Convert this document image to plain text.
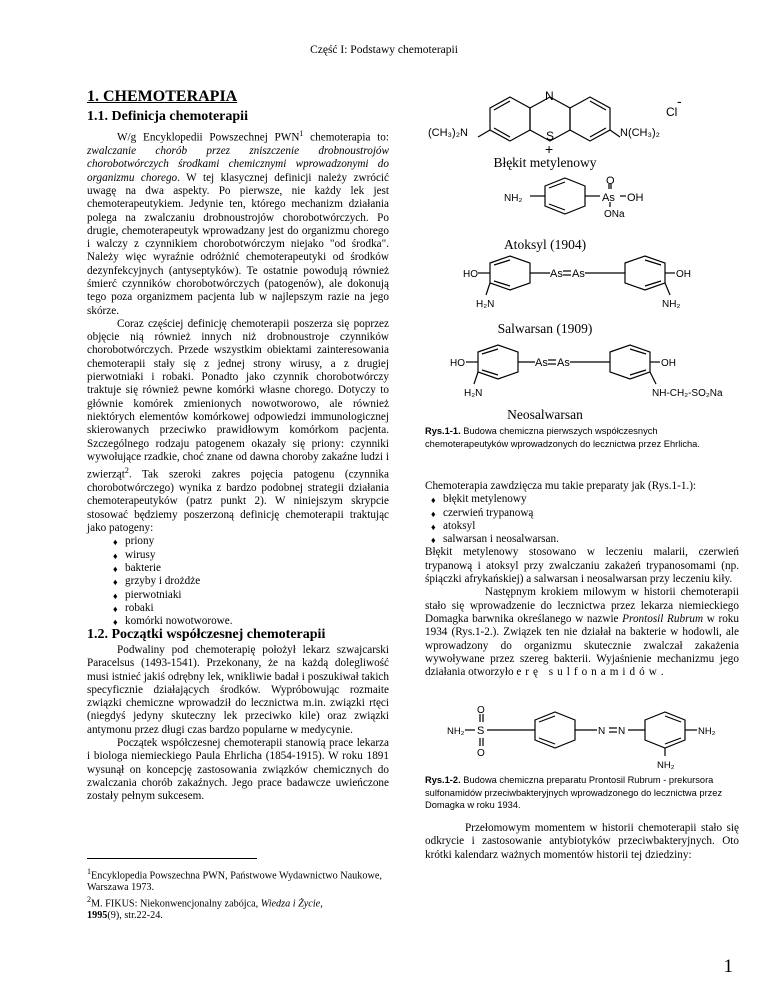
Część I: Podstawy chemoterapii
1. CHEMOTERAPIA
1.1. Definicja chemoterapii

W/g Encyklopedii Powszechnej PWN$^1$ chemoterapia to: zwalczanie chorób przez zniszczenie drobnoustrojów chorobotwórczych środkami chemicznymi wprowadzonymi do organizmu chorego. W tej klasycznej definicji należy zwrócić uwagę na dwa aspekty. Po pierwsze, nie każdy lek jest chemoterapeutykiem. Jedynie ten, którego mechanizm działania polega na zwalczaniu drobnoustrojów chorobotwórczych. Po drugie, chemoterapeutyk wprowadzany jest do organizmu chorego i walczy z czynnikiem chorobotwórczym niejako "od środka". Należy więc wyraźnie odróżnić chemoterapeutyki od środków dezynfekcyjnych (antyseptyków). Te ostatnie powodują również śmierć czynników chorobotwórczych (patogenów), ale dokonują tego poza organizmem pacjenta lub w najlepszym razie na jego skórze.

Coraz częściej definicję chemoterapii poszerza się poprzez objęcie nią również innych niż drobnoustroje czynników chorobotwórczych. Przede wszystkim obiektami zainteresowania chemoterapii stały się z jednej strony wirusy, a z drugiej pierwotniaki i robaki. Ponadto jako czynnik chorobotwórczy traktuje się również pewne komórki własne chorego. Dotyczy to głównie komórek zmienionych nowotworowo, ale również niektórych elementów komórkowej odpowiedzi immunologicznej skierowanych przeciwko prawidłowym komórkom pacjenta. Szczególnego rodzaju patogenem okazały się priony: czynniki wywołujące rzadkie, choć znane od dawna choroby zakaźne ludzi i zwierząt$^2$. Tak szeroki zakres pojęcia patogenu (czynnika chorobotwórczego) wynika z bardzo podobnej strategii działania chemoterapeutyków (patrz punkt 2). W niniejszym skrypcie stosować będziemy poszerzoną definicję chemoterapii traktując jako patogeny:

♦ priony
♦ wirusy
♦ bakterie
♦ grzyby i drożdże
♦ pierwotniaki
♦ robaki
♦ komórki nowotworowe.
1.2. Początki współczesnej chemoterapii

Podwaliny pod chemoterapię położył lekarz szwajcarski Paracelsus (1493-1541). Przekonany, że na każdą dolegliwość musi istnieć jakiś odrębny lek, wnikliwie badał i poszukiwał takich specyficznie działających środków. Wypróbowując rozmaite związki chemiczne wprowadził do lecznictwa m.in. związki rtęci (niegdyś jedyny skuteczny lek przeciwko kile) oraz związki antymonu przez długi czas bardzo popularne w medycynie.

Początek współczesnej chemoterapii stanowią prace lekarza i biologa niemieckiego Paula Ehrlicha (1854-1915). W roku 1891 wysunął on koncepcję zastosowania związków chemicznych do zwalczania chorób zakaźnych. Jego prace badawcze uwieńczone zostały pełnym sukcesem.

$^1$Encyklopedia Powszechna PWN, Państwowe Wydawnictwo Naukowe, Warszawa 1973.
$^2$M. FIKUS: Niekonwencjonalny zabójca, Wiedza i Życie,
1995(9), str.22-24.
N
S
+
Cl
-
(CH₃)₂N	N(CH₃)₂
Błękit metylenowy
NH₂	As OH
O
ONa
Atoksyl (1904)
HO	As As	OH
H₂N	NH₂
Salwarsan (1909)
HO	As As	OH
H₂N	NH-CH₂-SO₂Na
Neosalwarsan
Rys.1-1. Budowa chemiczna pierwszych współczesnych chemoterapeutyków wprowadzonych do lecznictwa przez Ehrlicha.

Chemoterapia zawdzięcza mu takie preparaty jak (Rys.1-1.):

♦ błękit metylenowy
♦ czerwień trypanową
♦ atoksyl
♦ salwarsan i neosalwarsan.

Błękit metylenowy stosowano w leczeniu malarii, czerwień trypanową i atoksyl przy zwalczaniu zakażeń trypanosomami (np. śpiączki afrykańskiej) a salwarsan i neosalwarsan przy leczeniu kiły.

Następnym krokiem milowym w historii chemoterapii stało się wprowadzenie do lecznictwa przez lekarza niemieckiego Domagka barwnika określanego w nazwie Prontosil Rubrum w roku 1934 (Rys.1-2.). Związek ten nie działał na bakterie w hodowli, ale wprowadzony do organizmu skutecznie zwalczał zakażenia wywoływane przez szereg bakterii. Wyjaśnienie mechanizmu jego działania otworzyło erę sulfonamidów.

NH₂ S
O
O
N N	NH₂
NH₂
Rys.1-2. Budowa chemiczna preparatu Prontosil Rubrum - prekursora sulfonamidów przeciwbakteryjnych wprowadzonego do lecznictwa przez Domagka w roku 1934.

Przełomowym momentem w historii chemoterapii stało się odkrycie i zastosowanie antybiotyków przeciwbakteryjnych. Oto krótki kalendarz ważnych momentów historii tej dziedziny:

1
